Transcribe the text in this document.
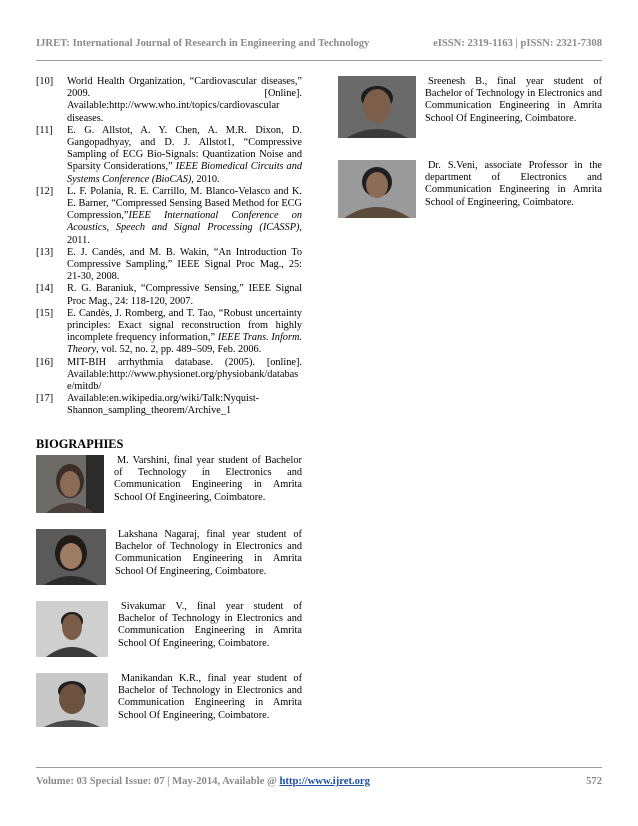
IJRET: International Journal of Research in Engineering and Technology	eISSN: 2319-1163 | pISSN: 2321-7308
[10]	World Health Organization, “Cardiovascular diseases,” 2009. [Online]. Available:http://www.who.int/topics/cardiovascular diseases.
[11]	E. G. Allstot, A. Y. Chen, A. M.R. Dixon, D. Gangopadhyay, and D. J. Allstot1, “Compressive Sampling of ECG Bio-Signals: Quantization Noise and Sparsity Considerations,” IEEE Biomedical Circuits and Systems Conference (BioCAS), 2010.
[12]	L. F. Polanía, R. E. Carrillo, M. Blanco-Velasco and K. E. Barner, “Compressed Sensing Based Method for ECG Compression,”IEEE International Conference on Acoustics, Speech and Signal Processing (ICASSP), 2011.
[13]	E. J. Candès, and M. B. Wakin, “An Introduction To Compressive Sampling,” IEEE Signal Proc Mag., 25: 21-30, 2008.
[14]	R. G. Baraniuk, “Compressive Sensing,” IEEE Signal Proc Mag., 24: 118-120, 2007.
[15]	E. Candès, J. Romberg, and T. Tao, “Robust uncertainty principles: Exact signal reconstruction from highly incomplete frequency information,” IEEE Trans. Inform. Theory, vol. 52, no. 2, pp. 489–509, Feb. 2006.
[16]	MIT-BIH arrhythmia database. (2005). [online]. Available:http://www.physionet.org/physiobank/database/mitdb/
[17]	Available:en.wikipedia.org/wiki/Talk:Nyquist-Shannon_sampling_theorem/Archive_1
BIOGRAPHIES
M. Varshini, final year student of Bachelor of Technology in Electronics and Communication Engineering in Amrita School Of Engineering, Coimbatore.
Lakshana Nagaraj, final year student of Bachelor of Technology in Electronics and Communication Engineering in Amrita School Of Engineering, Coimbatore.
Sivakumar V., final year student of Bachelor of Technology in Electronics and Communication Engineering in Amrita School Of Engineering, Coimbatore.
Manikandan K.R., final year student of Bachelor of Technology in Electronics and Communication Engineering in Amrita School Of Engineering, Coimbatore.
Sreenesh B., final year student of Bachelor of Technology in Electronics and Communication Engineering in Amrita School Of Engineering, Coimbatore.
Dr. S.Veni, associate Professor in the department of Electronics and Communication Engineering in Amrita School of Engineering, Coimbatore.
Volume: 03 Special Issue: 07 | May-2014, Available @ http://www.ijret.org	572
